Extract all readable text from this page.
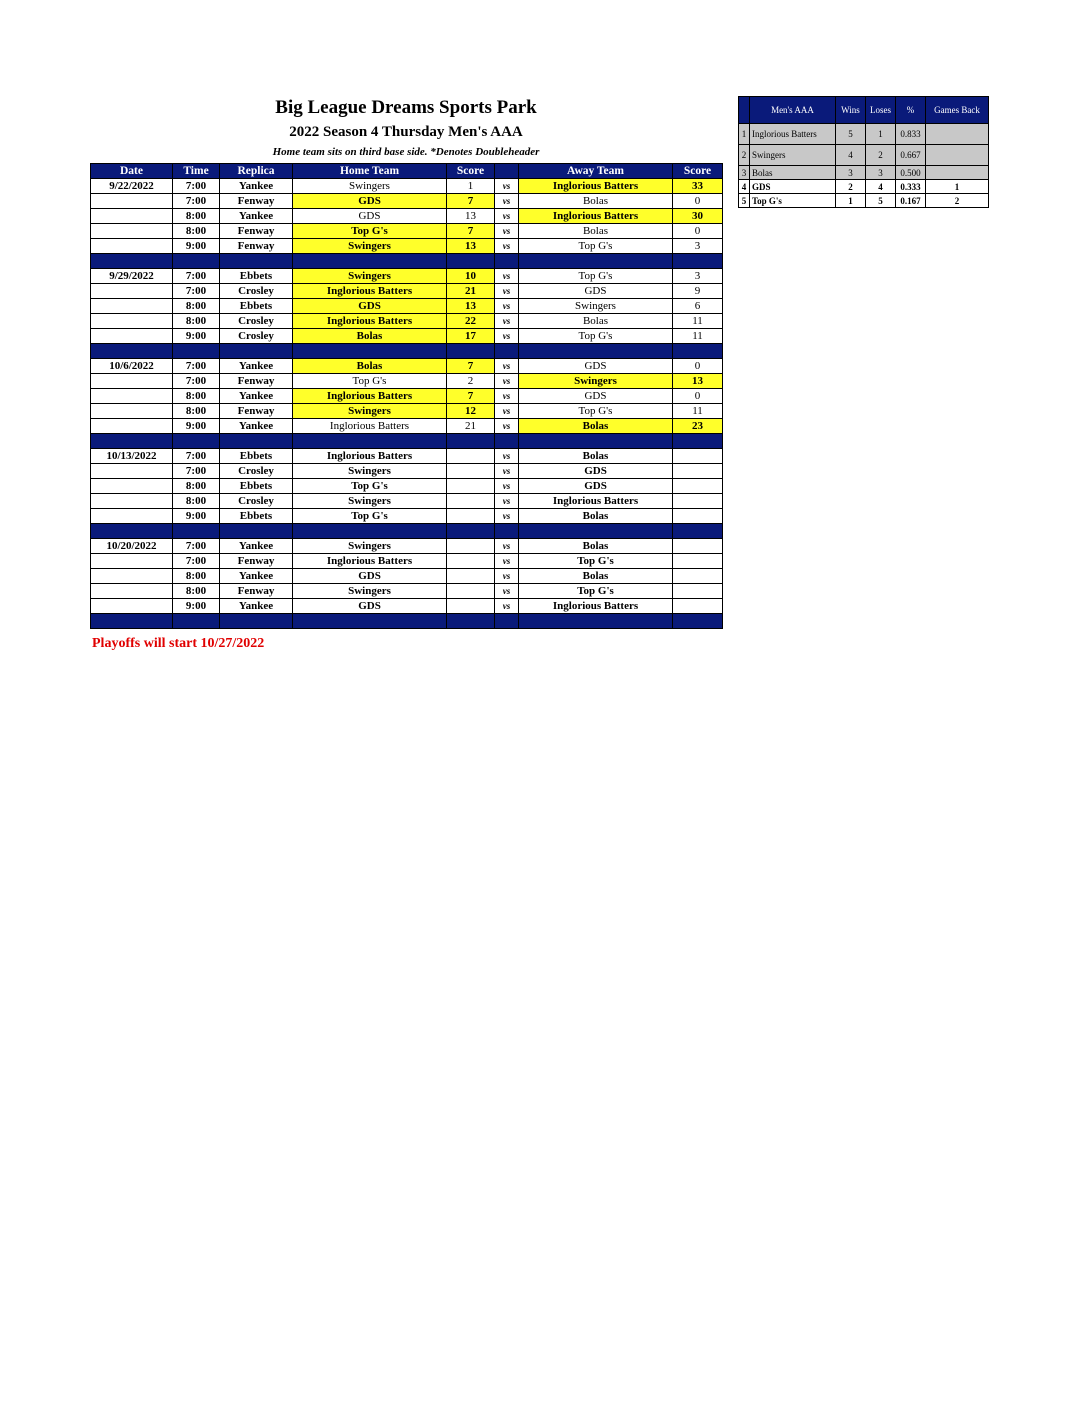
Big League Dreams Sports Park
2022 Season 4 Thursday Men's AAA
Home team sits on third base side. *Denotes Doubleheader
Date	Time	Replica	Home Team	Score		Away Team	Score
9/22/2022	7:00	Yankee	Swingers	1	vs	Inglorious Batters	33
	7:00	Fenway	GDS	7	vs	Bolas	0
	8:00	Yankee	GDS	13	vs	Inglorious Batters	30
	8:00	Fenway	Top G's	7	vs	Bolas	0
	9:00	Fenway	Swingers	13	vs	Top G's	3

9/29/2022	7:00	Ebbets	Swingers	10	vs	Top G's	3
	7:00	Crosley	Inglorious Batters	21	vs	GDS	9
	8:00	Ebbets	GDS	13	vs	Swingers	6
	8:00	Crosley	Inglorious Batters	22	vs	Bolas	11
	9:00	Crosley	Bolas	17	vs	Top G's	11

10/6/2022	7:00	Yankee	Bolas	7	vs	GDS	0
	7:00	Fenway	Top G's	2	vs	Swingers	13
	8:00	Yankee	Inglorious Batters	7	vs	GDS	0
	8:00	Fenway	Swingers	12	vs	Top G's	11
	9:00	Yankee	Inglorious Batters	21	vs	Bolas	23

10/13/2022	7:00	Ebbets	Inglorious Batters		vs	Bolas	
	7:00	Crosley	Swingers		vs	GDS	
	8:00	Ebbets	Top G's		vs	GDS	
	8:00	Crosley	Swingers		vs	Inglorious Batters	
	9:00	Ebbets	Top G's		vs	Bolas	

10/20/2022	7:00	Yankee	Swingers		vs	Bolas	
	7:00	Fenway	Inglorious Batters		vs	Top G's	
	8:00	Yankee	GDS		vs	Bolas	
	8:00	Fenway	Swingers		vs	Top G's	
	9:00	Yankee	GDS		vs	Inglorious Batters	

	Men's AAA	Wins	Loses	%	Games Back
1	Inglorious Batters	5	1	0.833	
2	Swingers	4	2	0.667	
3	Bolas	3	3	0.500	
4	GDS	2	4	0.333	1
5	Top G's	1	5	0.167	2
Playoffs will start 10/27/2022
